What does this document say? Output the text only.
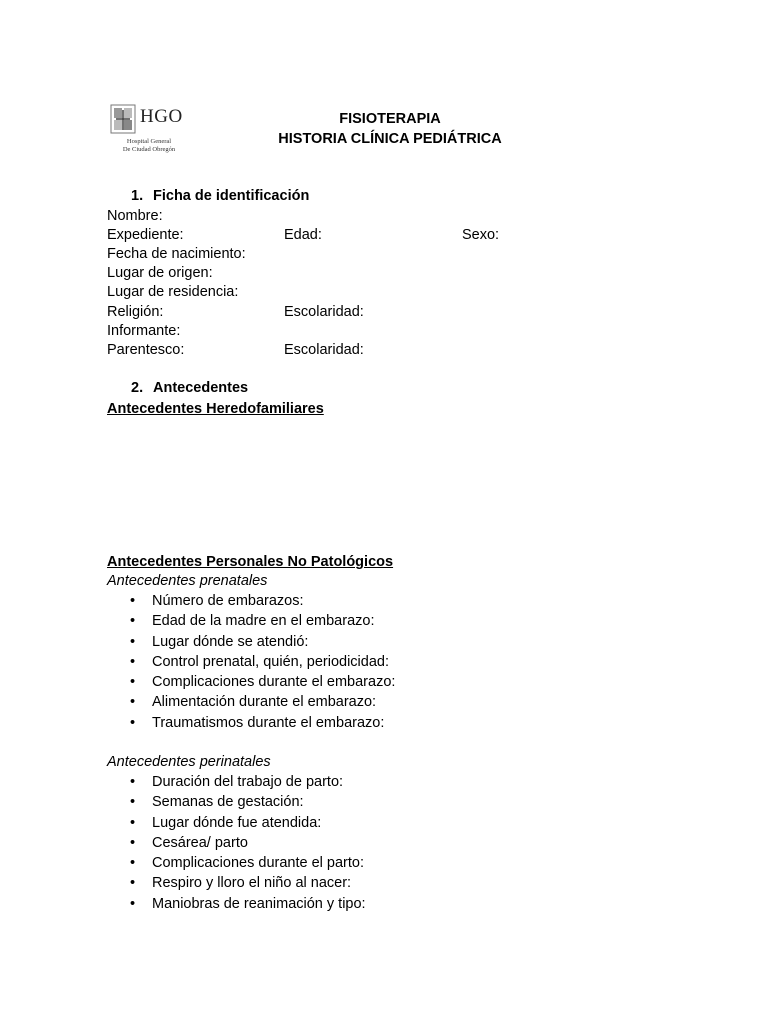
HGO
Hospital General
De Ciudad Obregón
FISIOTERAPIA
HISTORIA CLÍNICA PEDIÁTRICA
1. Ficha de identificación
Nombre:
Expediente:	Edad:	Sexo:
Fecha de nacimiento:
Lugar de origen:
Lugar de residencia:
Religión:	Escolaridad:
Informante:
Parentesco:	Escolaridad:
2. Antecedentes
Antecedentes Heredofamiliares
Antecedentes Personales No Patológicos
Antecedentes prenatales
• Número de embarazos:
• Edad de la madre en el embarazo:
• Lugar dónde se atendió:
• Control prenatal, quién, periodicidad:
• Complicaciones durante el embarazo:
• Alimentación durante el embarazo:
• Traumatismos durante el embarazo:
Antecedentes perinatales
• Duración del trabajo de parto:
• Semanas de gestación:
• Lugar dónde fue atendida:
• Cesárea/ parto
• Complicaciones durante el parto:
• Respiro y lloro el niño al nacer:
• Maniobras de reanimación y tipo:
